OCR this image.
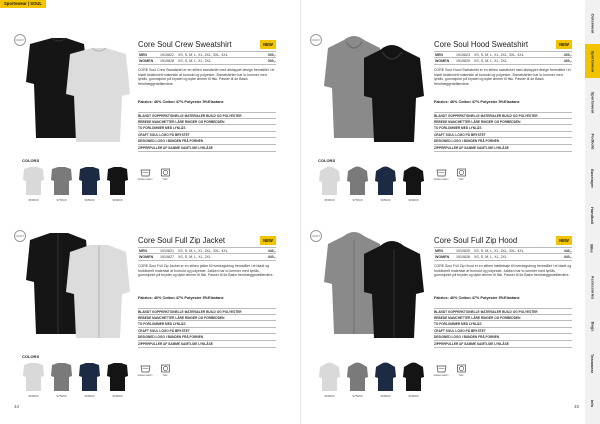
Sportswear | SOUL
CRAFT	Core Soul Crew Sweatshirt	NEW
MEN	1910622	XS, S, M, L, XL, 2XL, 3XL, 4XL	300,-
WOMEN	1910628	XS, S, M, L, XL, 2XL	300,-

CORE Soul Crew Sweatshirt er en stilren sweatshirt med afslappet design fremstillet i et blødt funktionelt materiale af bomuld og polyester. Sweatshirten har to lommer med lynlås, gummiprint på brystet og dybe ærmer til fisk. Passer til de Basis fremhæggedelfærdere.

Fabrics: 46% Cotton 47% Polyester 5%Elastane

BLANDT GOPPERKTIONELLE MATERIALER BUILD OG POLYESTER
REBEDE MANCHETTER LÅRE RINGER OG PORBEDDEN
TO FORLOMMER MED LYNLÅS
CRAFT SOUL LOGO PÅ BRYSTET
DESIGNED LOGO I BUNDEN FRÅ FORNEN
ZIPPERPULLER AF SAMME SAMTLIGE LYNLÅSE
COLORS
950000	975000	395000	999000
Vaskemaskin	Tørk
CRAFT	Core Soul Hood Sweatshirt	NEW
MEN	1910623	XS, S, M, L, XL, 2XL, 3XL, 4XL	400,-
WOMEN	1910629	XS, S, M, L, XL, 2XL	400,-

CORE Soul Hood Sweatshirt er en stilren sweatshirt med afslappet design fremstillet i et blødt funktionelt materiale af bomuld og polyester. Sweatshirten har to lommer med lynlås, gummiprint på brystet og dybe ærmer til fisk. Passer til de Basis fremhæggedelfærdere.

Fabrics: 46% Cotton 47% Polyester 5%Elastane

BLANDT GOPPERKTIONELLE MATERIALER BUILD OG POLYESTER
REBEDE MANCHETTER LÅRE RINGER OG PORBEDDEN
TO FORLOMMER MED LYNLÅS
CRAFT SOUL LOGO PÅ BRYSTET
DESIGNED LOGO I BUNDEN FRÅ FORNEN
ZIPPERPULLER AF SAMME SAMTLIGE LYNLÅSE
COLORS
950000	975000	395000	999000
Vaskemaskin	Tørk
CRAFT	Core Soul Full Zip Jacket	NEW
MEN	1910621	XS, S, M, L, XL, 2XL, 3XL, 4XL	440,-
WOMEN	1910627	XS, S, M, L, XL, 2XL	440,-

CORE Soul Full Zip Jacket er en stilren jakke til hverdagsbrug fremstillet i et blødt og funktionelt materiale af bomuld og polyester. Jakken har to lommer med lynlås, gummiprint på brystet og dybe ærmer til fisk. Passer til de Basis fremhæggedelfærdere.

Fabrics: 46% Cotton 47% Polyester 5%Elastane

BLANDT GOPPERKTIONELLE MATERIALER BUILD OG POLYESTER
REBEDE MANCHETTER LÅRE RINGER OG PORBEDDEN
TO FORLOMMER MED LYNLÅS
CRAFT SOUL LOGO PÅ BRYSTET
DESIGNED LOGO I BUNDEN FRÅ FORNEN
ZIPPERPULLER AF SAMME SAMTLIGE LYNLÅSE
COLORS
950000	975000	395000	999000
Vaskemaskin	Tørk
CRAFT	Core Soul Full Zip Hood	NEW
MEN	1910620	XS, S, M, L, XL, 2XL, 3XL, 4XL	440,-
WOMEN	1910626	XS, S, M, L, XL, 2XL	440,-

CORE Soul Full Zip Hood er en stilren hættetrøje til hverdagsbrug fremstillet i et blødt og funktionelt materiale af bomuld og polyester. Jakken har to lommer med lynlås, gummiprint på brystet og dybe ærmer til fisk. Passer til de Basis fremhæggedelfærdere.

Fabrics: 46% Cotton 47% Polyester 5%Elastane

BLANDT GOPPERKTIONELLE MATERIALER BUILD OG POLYESTER
REBEDE MANCHETTER LÅRE RINGER OG PORBEDDEN
TO FORLOMMER MED LYNLÅS
CRAFT SOUL LOGO PÅ BRYSTET
DESIGNED LOGO I BUNDEN FRÅ FORNEN
ZIPPERPULLER AF SAMME SAMTLIGE LYNLÅSE
950000	975000	395000	999000
Vaskemaskin	Tørk
44	45
Outerwear
Sportswear
Sportswear
Fodbold
Baselayer
Handball
Bike
Accessories
Bags
Teamwear
Info
